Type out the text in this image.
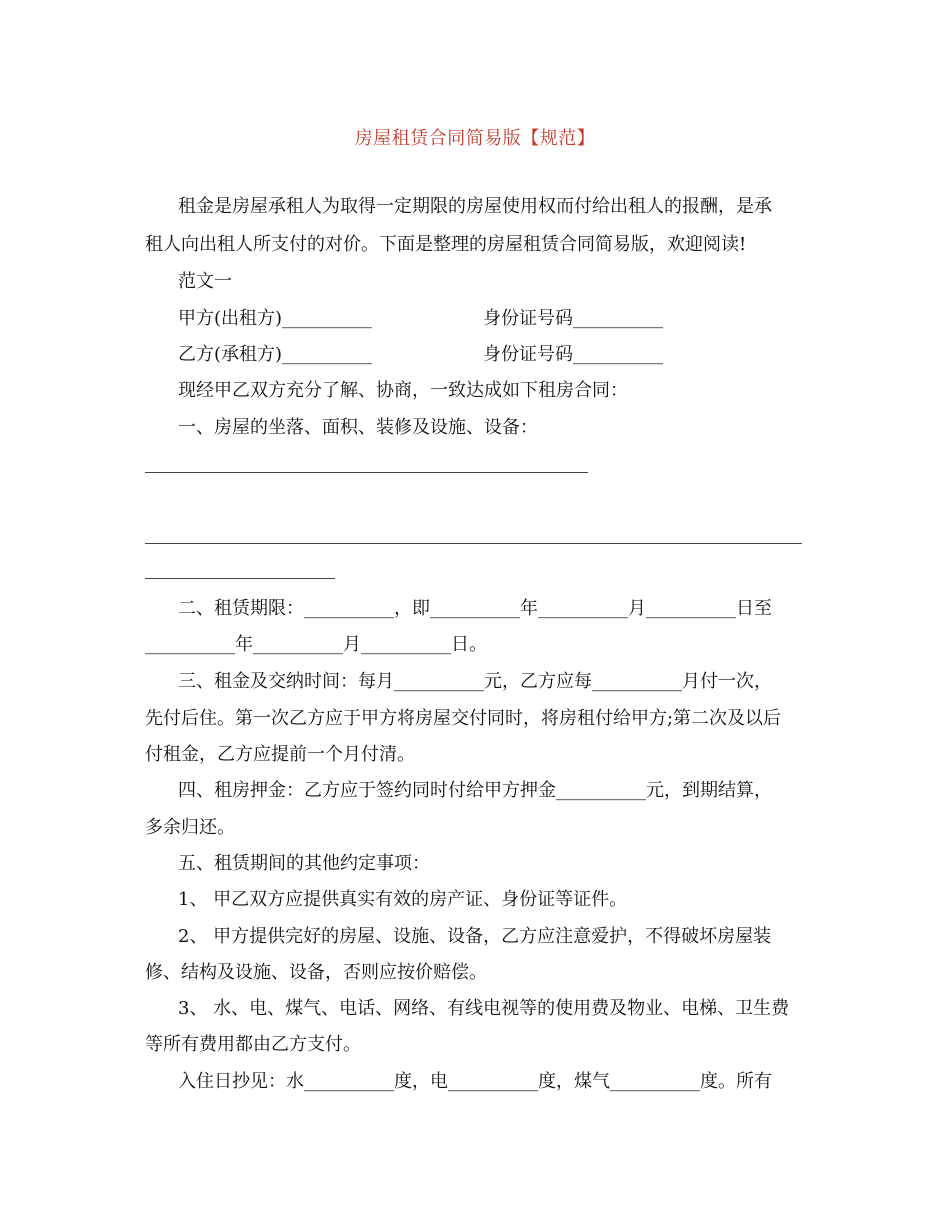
房屋租赁合同简易版【规范】
租金是房屋承租人为取得一定期限的房屋使用权而付给出租人的报酬，是承
租人向出租人所支付的对价。下面是整理的房屋租赁合同简易版，欢迎阅读!
范文一
甲方(出租方)__________	身份证号码__________
乙方(承租方)__________	身份证号码__________
现经甲乙双方充分了解、协商，一致达成如下租房合同：
一、房屋的坐落、面积、装修及设施、设备：
二、租赁期限：__________，即__________年__________月__________日至
__________年__________月__________日。
三、租金及交纳时间：每月__________元，乙方应每__________月付一次，
先付后住。第一次乙方应于甲方将房屋交付同时，将房租付给甲方;第二次及以后
付租金，乙方应提前一个月付清。
四、租房押金：乙方应于签约同时付给甲方押金__________元，到期结算，
多余归还。
五、租赁期间的其他约定事项：
1、 甲乙双方应提供真实有效的房产证、身份证等证件。
2、 甲方提供完好的房屋、设施、设备，乙方应注意爱护，不得破坏房屋装
修、结构及设施、设备，否则应按价赔偿。
3、 水、电、煤气、电话、网络、有线电视等的使用费及物业、电梯、卫生费
等所有费用都由乙方支付。
入住日抄见：水__________度，电__________度，煤气__________度。所有
